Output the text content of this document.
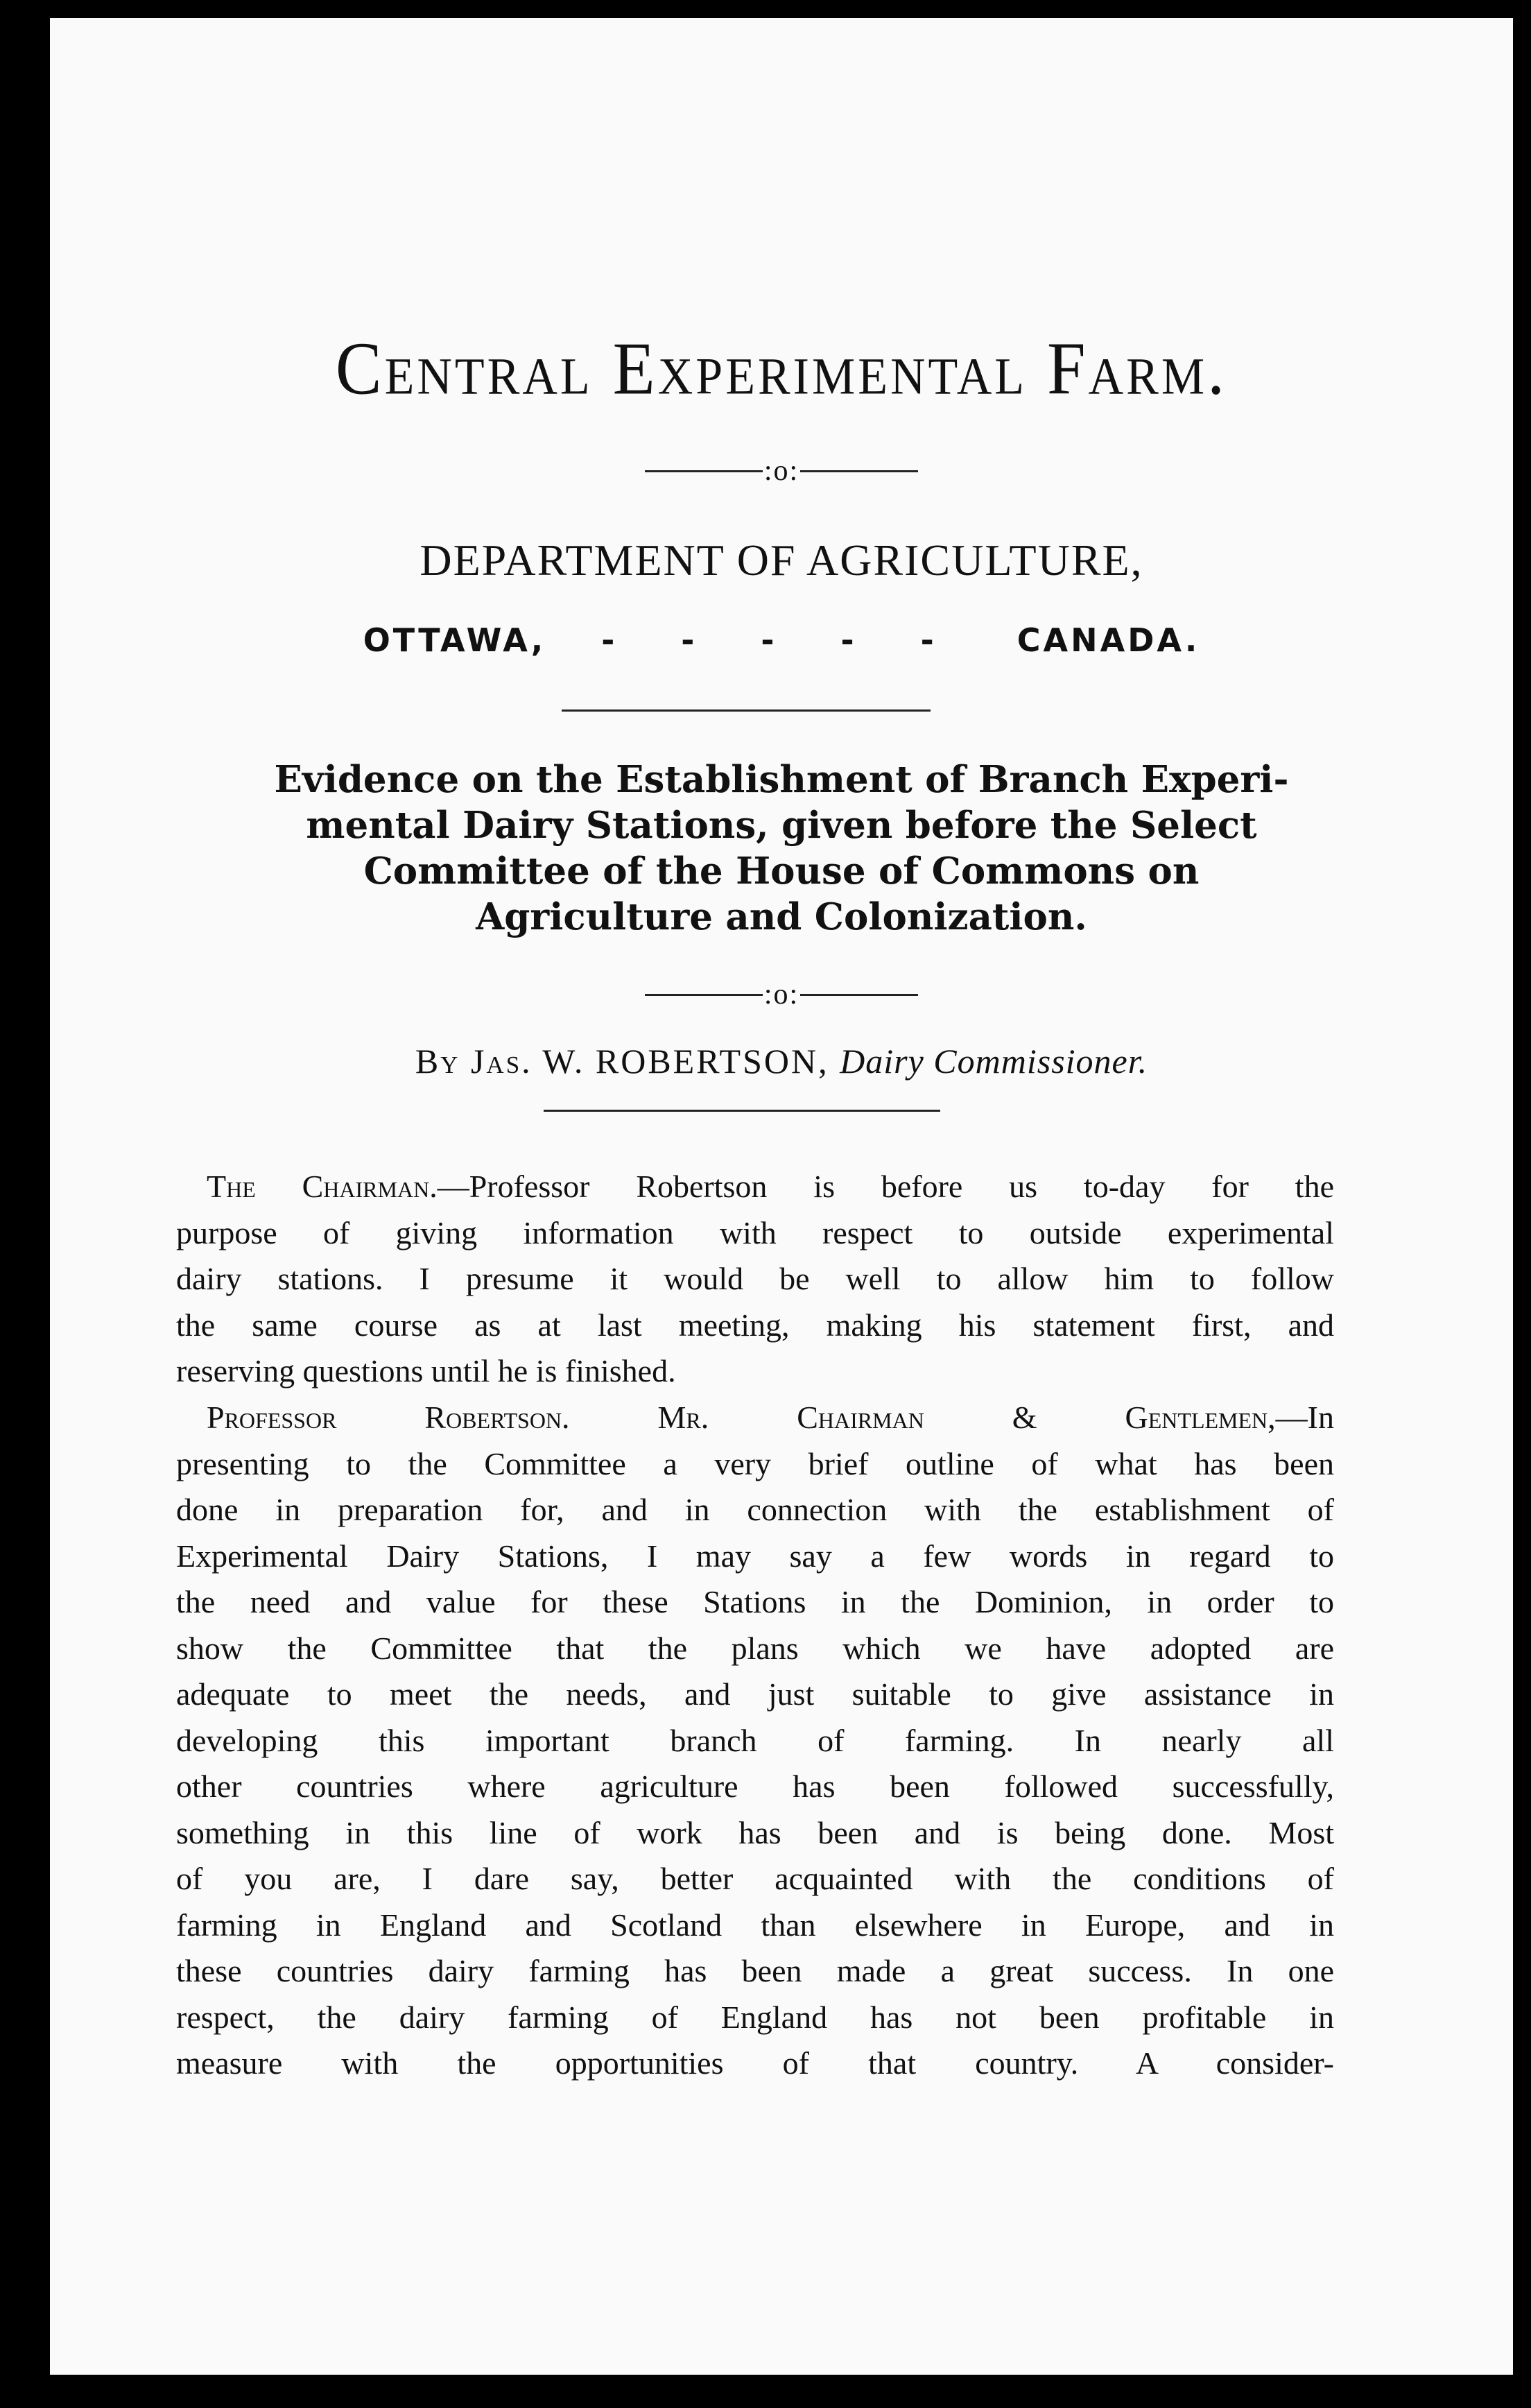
Central Experimental Farm.
:o:
DEPARTMENT OF AGRICULTURE,
OTTAWA, - - - - - CANADA.
Evidence on the Establishment of Branch Experi-
mental Dairy Stations, given before the Select
Committee of the House of Commons on
Agriculture and Colonization.
:o:
By Jas. W. ROBERTSON, Dairy Commissioner.
The Chairman.—Professor Robertson is before us to-day for the
purpose of giving information with respect to outside experimental
dairy stations. I presume it would be well to allow him to follow
the same course as at last meeting, making his statement first, and
reserving questions until he is finished.
Professor Robertson.	Mr. Chairman & Gentlemen,—In
presenting to the Committee a very brief outline of what has been
done in preparation for, and in connection with the establishment of
Experimental Dairy Stations, I may say a few words in regard to
the need and value for these Stations in the Dominion, in order to
show the Committee that the plans which we have adopted are
adequate to meet the needs, and just suitable to give assistance in
developing this important branch of farming. In nearly all
other countries where agriculture has been followed successfully,
something in this line of work has been and is being done. Most
of you are, I dare say, better acquainted with the conditions of
farming in England and Scotland than elsewhere in Europe, and in
these countries dairy farming has been made a great success. In one
respect, the dairy farming of England has not been profitable in
measure with the opportunities of that country. A consider-
